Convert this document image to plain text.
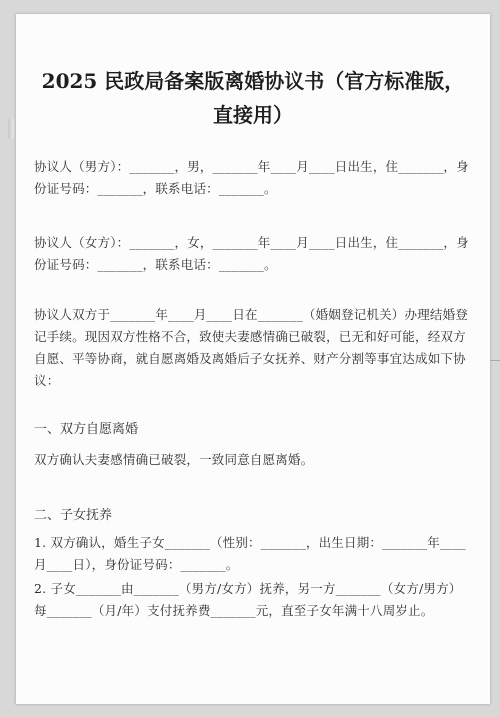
2025 民政局备案版离婚协议书（官方标准版，直接用）
协议人（男方）：_______，男，_______年____月____日出生，住_______，身份证号码：_______，联系电话：_______。
协议人（女方）：_______，女，_______年____月____日出生，住_______，身份证号码：_______，联系电话：_______。
协议人双方于_______年____月____日在_______（婚姻登记机关）办理结婚登记手续。现因双方性格不合，致使夫妻感情确已破裂，已无和好可能，经双方自愿、平等协商，就自愿离婚及离婚后子女抚养、财产分割等事宜达成如下协议：
一、双方自愿离婚
双方确认夫妻感情确已破裂，一致同意自愿离婚。
二、子女抚养
1. 双方确认，婚生子女_______（性别：_______，出生日期：_______年____月____日），身份证号码：_______。
2. 子女_______由_______（男方/女方）抚养，另一方_______（女方/男方）每_______（月/年）支付抚养费_______元，直至子女年满十八周岁止。
